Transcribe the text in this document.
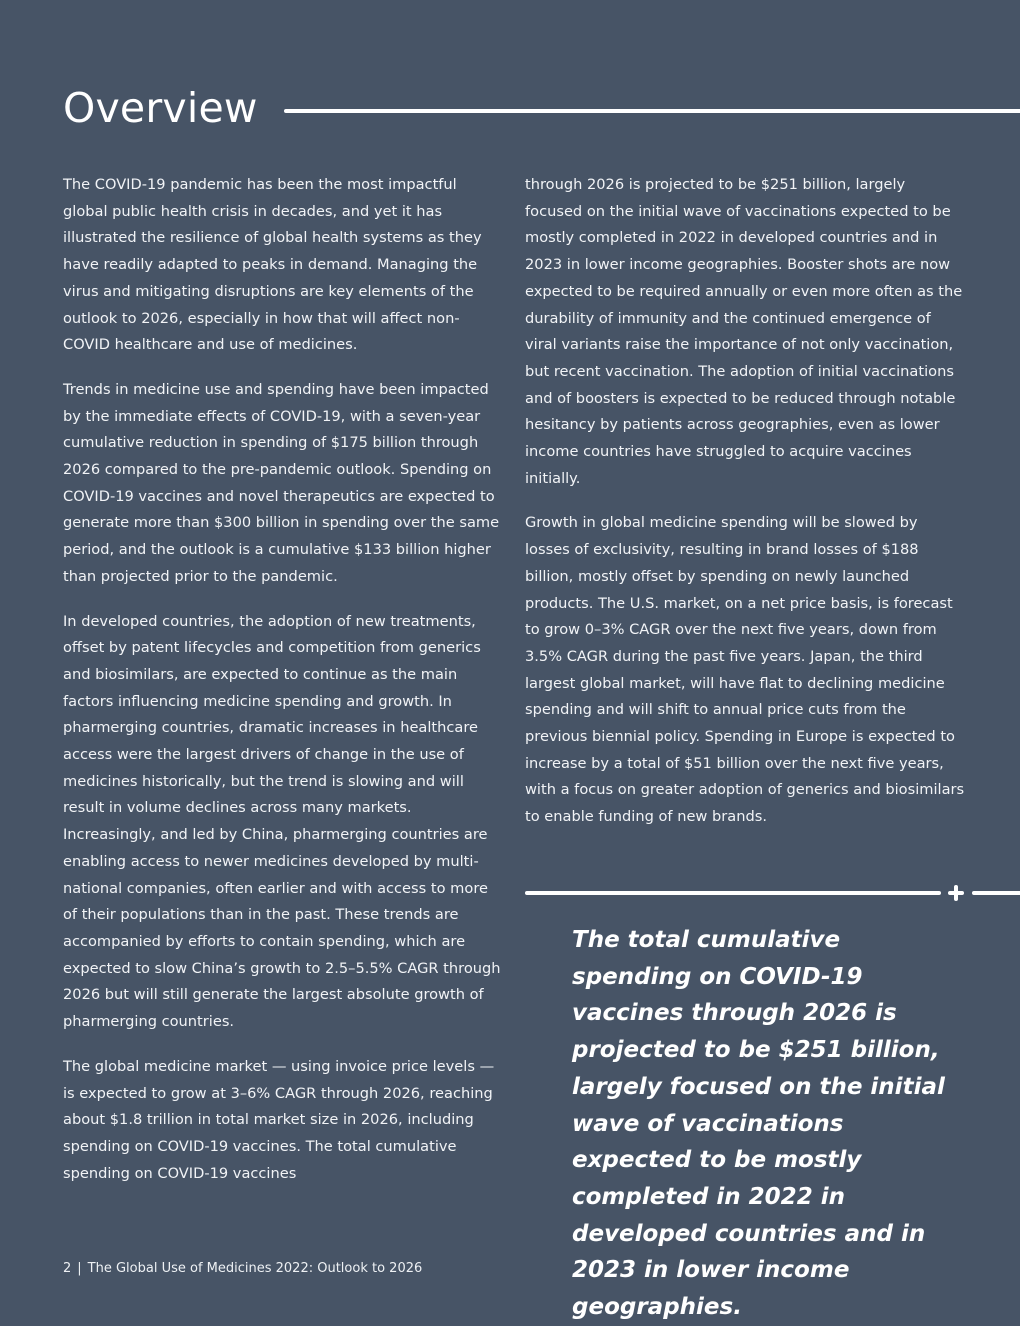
Overview

The COVID-19 pandemic has been the most impactful global public health crisis in decades, and yet it has illustrated the resilience of global health systems as they have readily adapted to peaks in demand. Managing the virus and mitigating disruptions are key elements of the outlook to 2026, especially in how that will affect non-COVID healthcare and use of medicines.

Trends in medicine use and spending have been impacted by the immediate effects of COVID-19, with a seven-year cumulative reduction in spending of $175 billion through 2026 compared to the pre-pandemic outlook. Spending on COVID-19 vaccines and novel therapeutics are expected to generate more than $300 billion in spending over the same period, and the outlook is a cumulative $133 billion higher than projected prior to the pandemic.

In developed countries, the adoption of new treatments, offset by patent lifecycles and competition from generics and biosimilars, are expected to continue as the main factors influencing medicine spending and growth. In pharmerging countries, dramatic increases in healthcare access were the largest drivers of change in the use of medicines historically, but the trend is slowing and will result in volume declines across many markets. Increasingly, and led by China, pharmerging countries are enabling access to newer medicines developed by multi-national companies, often earlier and with access to more of their populations than in the past. These trends are accompanied by efforts to contain spending, which are expected to slow China’s growth to 2.5–5.5% CAGR through 2026 but will still generate the largest absolute growth of pharmerging countries.

The global medicine market — using invoice price levels — is expected to grow at 3–6% CAGR through 2026, reaching about $1.8 trillion in total market size in 2026, including spending on COVID-19 vaccines. The total cumulative spending on COVID-19 vaccines

through 2026 is projected to be $251 billion, largely focused on the initial wave of vaccinations expected to be mostly completed in 2022 in developed countries and in 2023 in lower income geographies. Booster shots are now expected to be required annually or even more often as the durability of immunity and the continued emergence of viral variants raise the importance of not only vaccination, but recent vaccination. The adoption of initial vaccinations and of boosters is expected to be reduced through notable hesitancy by patients across geographies, even as lower income countries have struggled to acquire vaccines initially.

Growth in global medicine spending will be slowed by losses of exclusivity, resulting in brand losses of $188 billion, mostly offset by spending on newly launched products. The U.S. market, on a net price basis, is forecast to grow 0–3% CAGR over the next five years, down from 3.5% CAGR during the past five years. Japan, the third largest global market, will have flat to declining medicine spending and will shift to annual price cuts from the previous biennial policy. Spending in Europe is expected to increase by a total of $51 billion over the next five years, with a focus on greater adoption of generics and biosimilars to enable funding of new brands.

The total cumulative spending on COVID-19 vaccines through 2026 is projected to be $251 billion, largely focused on the initial wave of vaccinations expected to be mostly completed in 2022 in developed countries and in 2023 in lower income geographies.

2 | The Global Use of Medicines 2022: Outlook to 2026
